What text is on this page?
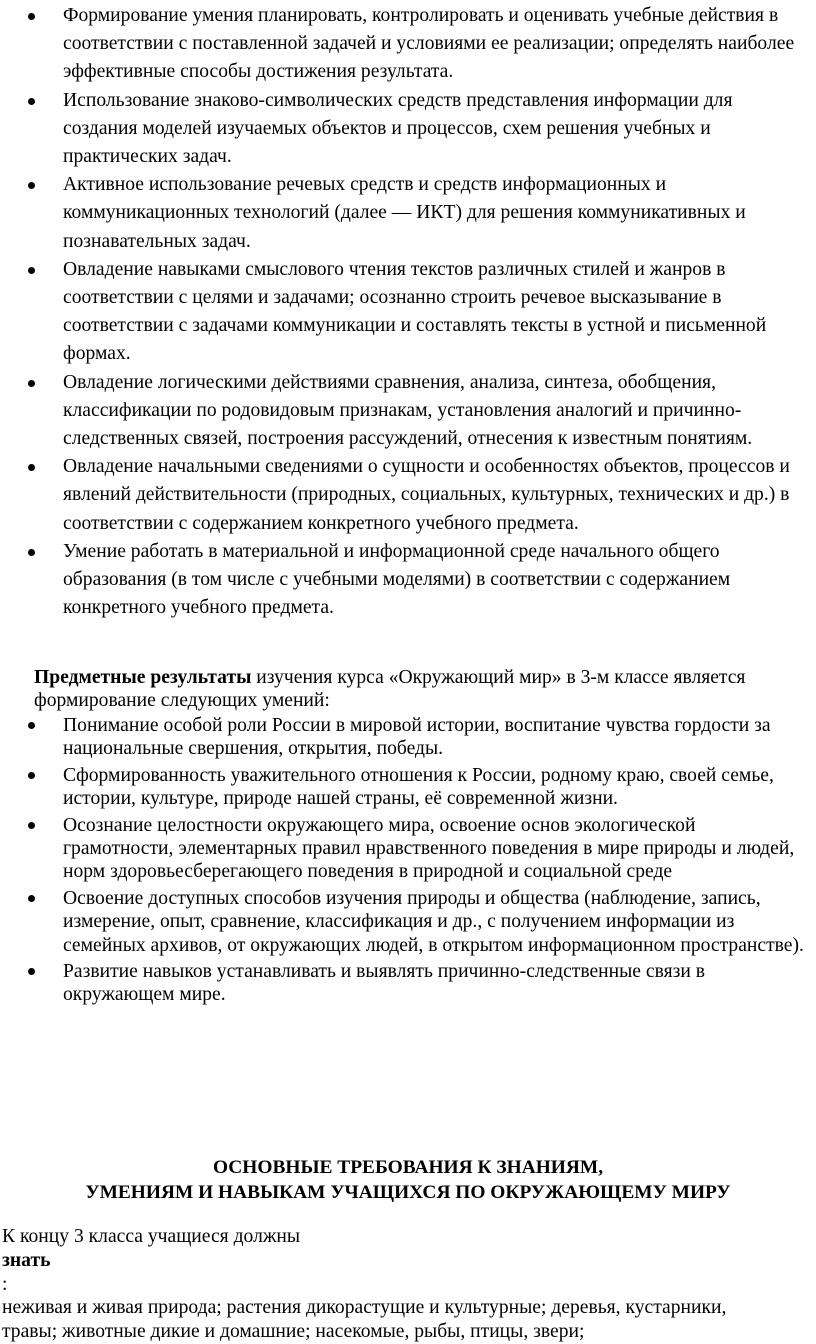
Формирование умения планировать, контролировать и оценивать учебные действия в соответствии с поставленной задачей и условиями ее реализации; определять наиболее эффективные способы достижения результата.
Использование знаково-символических средств представления информации для создания моделей изучаемых объектов и процессов, схем решения учебных и практических задач.
Активное использование речевых средств и средств информационных и коммуникационных технологий (далее — ИКТ) для решения коммуникативных и познавательных задач.
Овладение навыками смыслового чтения текстов различных стилей и жанров в соответствии с целями и задачами; осознанно строить речевое высказывание в соответствии с задачами коммуникации и составлять тексты в устной и письменной формах.
Овладение логическими действиями сравнения, анализа, синтеза, обобщения, классификации по родовидовым признакам, установления аналогий и причинно-следственных связей, построения рассуждений, отнесения к известным понятиям.
Овладение начальными сведениями о сущности и особенностях объектов, процессов и явлений действительности (природных, социальных, культурных, технических и др.) в соответствии с содержанием конкретного учебного предмета.
Умение работать в материальной и информационной среде начального общего образования (в том числе с учебными моделями) в соответствии с содержанием конкретного учебного предмета.

Предметные результаты изучения курса «Окружающий мир» в 3-м классе является формирование следующих умений:

Понимание особой роли России в мировой истории, воспитание чувства гордости за национальные свершения, открытия, победы.
Сформированность уважительного отношения к России, родному краю, своей семье, истории, культуре, природе нашей страны, её современной жизни.
Осознание целостности окружающего мира, освоение основ экологической грамотности, элементарных правил нравственного поведения в мире природы и людей, норм здоровьесберегающего поведения в природной и социальной среде
Освоение доступных способов изучения природы и общества (наблюдение, запись, измерение, опыт, сравнение, классификация и др., с получением информации из семейных архивов, от окружающих людей, в открытом информационном пространстве).
Развитие навыков устанавливать и выявлять причинно-следственные связи в окружающем мире.
ОСНОВНЫЕ ТРЕБОВАНИЯ К ЗНАНИЯМ,
УМЕНИЯМ И НАВЫКАМ УЧАЩИХСЯ ПО ОКРУЖАЮЩЕМУ МИРУ
К концу 3 класса учащиеся должны
знать
:
неживая и живая природа; растения дикорастущие и культурные; деревья, кустарники,
травы; животные дикие и домашние; насекомые, рыбы, птицы, звери;
